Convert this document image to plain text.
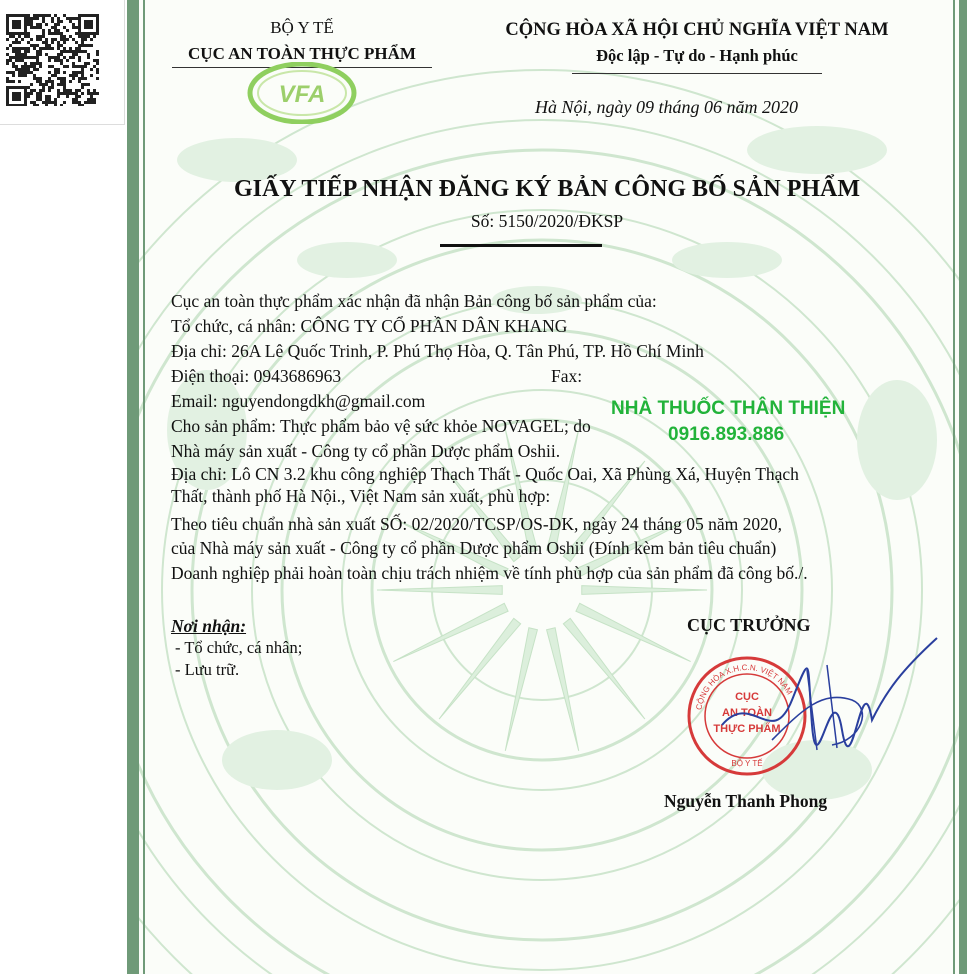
BỘ Y TẾ
CỤC AN TOÀN THỰC PHẨM
VFA
CỘNG HÒA XÃ HỘI CHỦ NGHĨA VIỆT NAM
Độc lập - Tự do - Hạnh phúc
Hà Nội, ngày 09 tháng 06 năm 2020
GIẤY TIẾP NHẬN ĐĂNG KÝ BẢN CÔNG BỐ SẢN PHẨM
Số: 5150/2020/ĐKSP
Cục an toàn thực phẩm xác nhận đã nhận Bản công bố sản phẩm của:
Tổ chức, cá nhân: CÔNG TY CỔ PHẦN DÂN KHANG
Địa chỉ: 26A Lê Quốc Trinh, P. Phú Thọ Hòa, Q. Tân Phú, TP. Hồ Chí Minh
Điện thoại: 0943686963	Fax:
Email: nguyendongdkh@gmail.com
Cho sản phẩm: Thực phẩm bảo vệ sức khỏe NOVAGEL; do
Nhà máy sản xuất - Công ty cổ phần Dược phẩm Oshii.
Địa chỉ: Lô CN 3.2 khu công nghiệp Thạch Thất - Quốc Oai, Xã Phùng Xá, Huyện Thạch
Thất, thành phố Hà Nội., Việt Nam sản xuất, phù hợp:
Theo tiêu chuẩn nhà sản xuất SỐ: 02/2020/TCSP/OS-DK, ngày 24 tháng 05 năm 2020,
của Nhà máy sản xuất - Công ty cổ phần Dược phẩm Oshii (Đính kèm bản tiêu chuẩn)
Doanh nghiệp phải hoàn toàn chịu trách nhiệm về tính phù hợp của sản phẩm đã công bố./.
NHÀ THUỐC THÂN THIỆN
0916.893.886
Nơi nhận:
- Tổ chức, cá nhân;
- Lưu trữ.
CỤC TRƯỞNG
CỘNG HÒA X.H.C.N. VIỆT NAM
CỤC
AN TOÀN
THỰC PHẨM
BỘ Y TẾ
Nguyễn Thanh Phong
